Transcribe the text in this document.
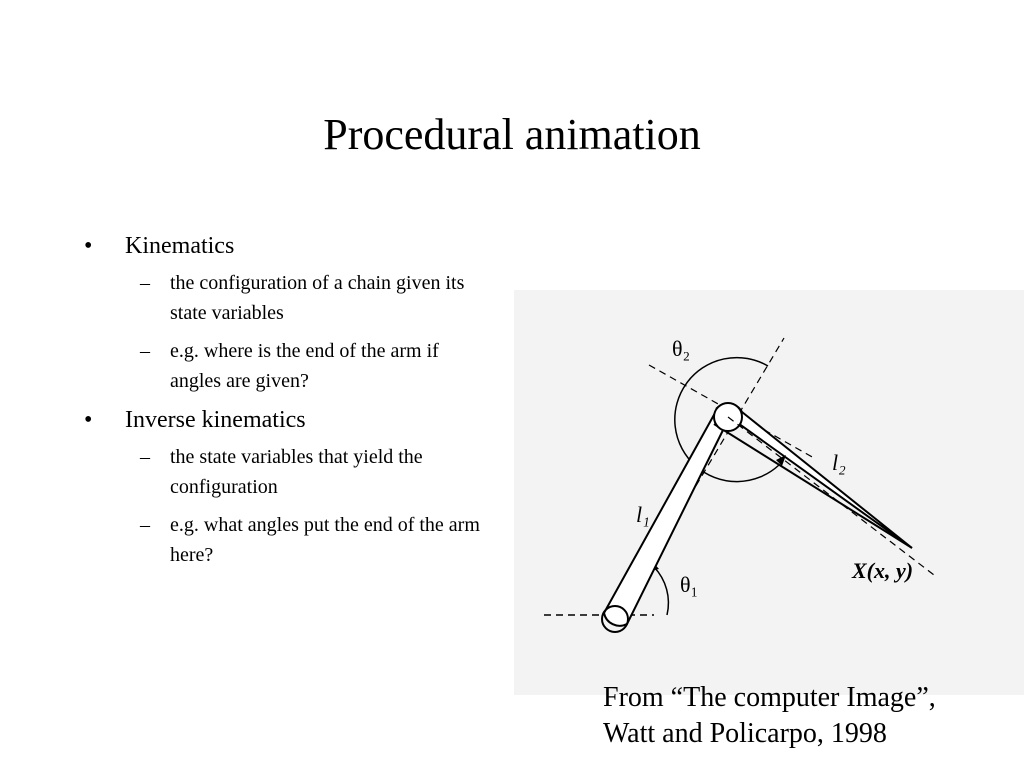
Procedural animation
• Kinematics
– the configuration of a chain given its state variables
– e.g. where is the end of the arm if angles are given?
• Inverse kinematics
– the state variables that yield the configuration
– e.g. what angles put the end of the arm here?
θ₂
l₂
l₁
θ₁
X(x, y)
From “The computer Image”,
Watt and Policarpo, 1998
